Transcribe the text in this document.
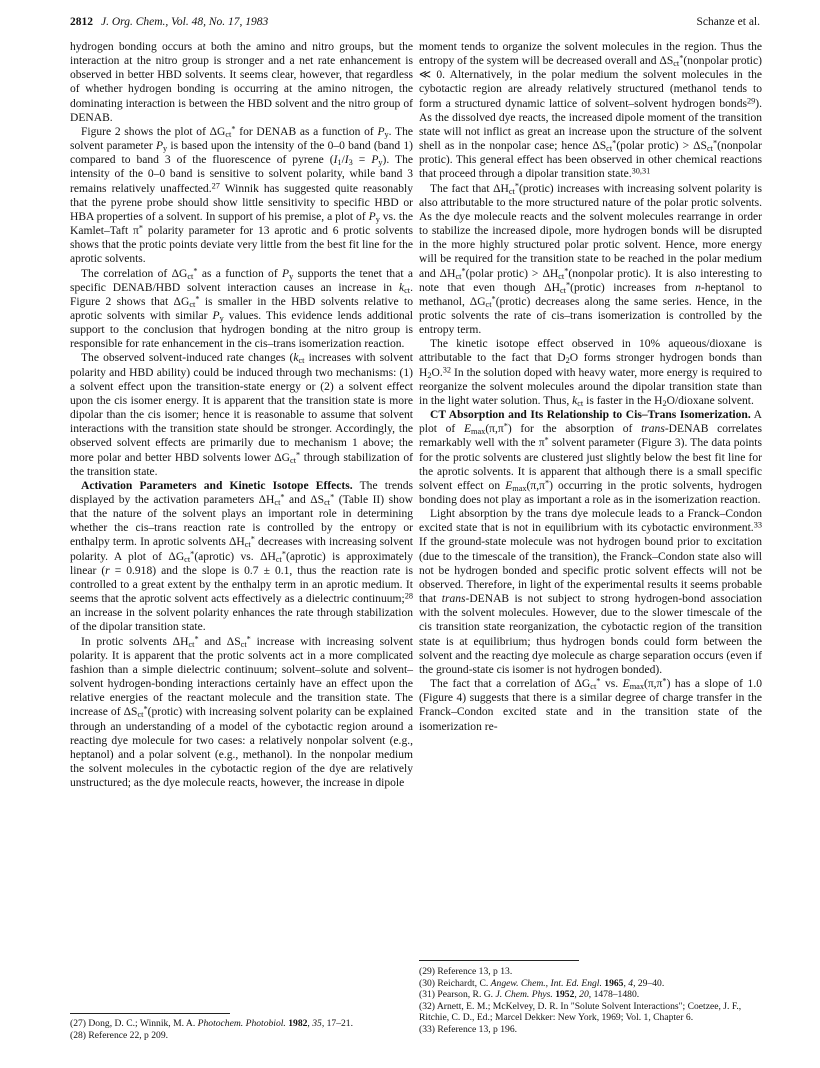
2812 J. Org. Chem., Vol. 48, No. 17, 1983	Schanze et al.

hydrogen bonding occurs at both the amino and nitro groups, but the interaction at the nitro group is stronger and a net rate enhancement is observed in better HBD solvents. It seems clear, however, that regardless of whether hydrogen bonding is occurring at the amino nitrogen, the dominating interaction is between the HBD solvent and the nitro group of DENAB.

Figure 2 shows the plot of $\Delta G_{ct}^*$ for DENAB as a function of $P_y$. The solvent parameter $P_y$ is based upon the intensity of the 0–0 band (band 1) compared to band 3 of the fluorescence of pyrene $(I_1/I_3 = P_y)$. The intensity of the 0–0 band is sensitive to solvent polarity, while band 3 remains relatively unaffected.$^{27}$ Winnik has suggested quite reasonably that the pyrene probe should show little sensitivity to specific HBD or HBA properties of a solvent. In support of his premise, a plot of $P_y$ vs. the Kamlet–Taft π* polarity parameter for 13 aprotic and 6 protic solvents shows that the protic points deviate very little from the best fit line for the aprotic solvents.

The correlation of $\Delta G_{ct}^*$ as a function of $P_y$ supports the tenet that a specific DENAB/HBD solvent interaction causes an increase in $k_{ct}$. Figure 2 shows that $\Delta G_{ct}^*$ is smaller in the HBD solvents relative to aprotic solvents with similar $P_y$ values. This evidence lends additional support to the conclusion that hydrogen bonding at the nitro group is responsible for rate enhancement in the cis–trans isomerization reaction.

The observed solvent-induced rate changes ($k_{ct}$ increases with solvent polarity and HBD ability) could be induced through two mechanisms: (1) a solvent effect upon the transition-state energy or (2) a solvent effect upon the cis isomer energy. It is apparent that the transition state is more dipolar than the cis isomer; hence it is reasonable to assume that solvent interactions with the transition state should be stronger. Accordingly, the observed solvent effects are primarily due to mechanism 1 above; the more polar and better HBD solvents lower $\Delta G_{ct}^*$ through stabilization of the transition state.

Activation Parameters and Kinetic Isotope Effects. The trends displayed by the activation parameters $\Delta H_{ct}^*$ and $\Delta S_{ct}^*$ (Table II) show that the nature of the solvent plays an important role in determining whether the cis–trans reaction rate is controlled by the entropy or enthalpy term. In aprotic solvents $\Delta H_{ct}^*$ decreases with increasing solvent polarity. A plot of $\Delta G_{ct}^*(aprotic)$ vs. $\Delta H_{ct}^*(aprotic)$ is approximately linear (r = 0.918) and the slope is 0.7 ± 0.1, thus the reaction rate is controlled to a great extent by the enthalpy term in an aprotic medium. It seems that the aprotic solvent acts effectively as a dielectric continuum;$^{28}$ an increase in the solvent polarity enhances the rate through stabilization of the dipolar transition state.

In protic solvents $\Delta H_{ct}^*$ and $\Delta S_{ct}^*$ increase with increasing solvent polarity. It is apparent that the protic solvents act in a more complicated fashion than a simple dielectric continuum; solvent–solute and solvent–solvent hydrogen-bonding interactions certainly have an effect upon the relative energies of the reactant molecule and the transition state. The increase of $\Delta S_{ct}^*(protic)$ with increasing solvent polarity can be explained through an understanding of a model of the cybotactic region around a reacting dye molecule for two cases: a relatively nonpolar solvent (e.g., heptanol) and a polar solvent (e.g., methanol). In the nonpolar medium the solvent molecules in the cybotactic region of the dye are relatively unstructured; as the dye molecule reacts, however, the increase in dipole

(27) Dong, D. C.; Winnik, M. A. Photochem. Photobiol. 1982, 35, 17–21.
(28) Reference 22, p 209.

moment tends to organize the solvent molecules in the region. Thus the entropy of the system will be decreased overall and $\Delta S_{ct}^*(nonpolar$ protic) ≪ 0. Alternatively, in the polar medium the solvent molecules in the cybotactic region are already relatively structured (methanol tends to form a structured dynamic lattice of solvent–solvent hydrogen bonds$^{29}$). As the dissolved dye reacts, the increased dipole moment of the transition state will not inflict as great an increase upon the structure of the solvent shell as in the nonpolar case; hence $\Delta S_{ct}^*(polar$ protic) > $\Delta S_{ct}^*(nonpolar$ protic). This general effect has been observed in other chemical reactions that proceed through a dipolar transition state.$^{30,31}$

The fact that $\Delta H_{ct}^*(protic)$ increases with increasing solvent polarity is also attributable to the more structured nature of the polar protic solvents. As the dye molecule reacts and the solvent molecules rearrange in order to stabilize the increased dipole, more hydrogen bonds will be disrupted in the more highly structured polar protic solvent. Hence, more energy will be required for the transition state to be reached in the polar medium and $\Delta H_{ct}^*(polar$ protic) > $\Delta H_{ct}^*(nonpolar$ protic). It is also interesting to note that even though $\Delta H_{ct}^*(protic)$ increases from n-heptanol to methanol, $\Delta G_{ct}^*(protic)$ decreases along the same series. Hence, in the protic solvents the rate of cis–trans isomerization is controlled by the entropy term.

The kinetic isotope effect observed in 10% aqueous/dioxane is attributable to the fact that $D_2O$ forms stronger hydrogen bonds than $H_2O.^{32}$ In the solution doped with heavy water, more energy is required to reorganize the solvent molecules around the dipolar transition state than in the light water solution. Thus, $k_{ct}$ is faster in the $H_2O$/dioxane solvent.

CT Absorption and Its Relationship to Cis–Trans Isomerization. A plot of $E_{max}(\pi,\pi^*)$ for the absorption of trans-DENAB correlates remarkably well with the π* solvent parameter (Figure 3). The data points for the protic solvents are clustered just slightly below the best fit line for the aprotic solvents. It is apparent that although there is a small specific solvent effect on $E_{max}(\pi,\pi^*)$ occurring in the protic solvents, hydrogen bonding does not play as important a role as in the isomerization reaction.

Light absorption by the trans dye molecule leads to a Franck–Condon excited state that is not in equilibrium with its cybotactic environment.$^{33}$ If the ground-state molecule was not hydrogen bound prior to excitation (due to the timescale of the transition), the Franck–Condon state also will not be hydrogen bonded and specific protic solvent effects will not be observed. Therefore, in light of the experimental results it seems probable that trans-DENAB is not subject to strong hydrogen-bond association with the solvent molecules. However, due to the slower timescale of the cis transition state reorganization, the cybotactic region of the transition state is at equilibrium; thus hydrogen bonds could form between the solvent and the reacting dye molecule as charge separation occurs (even if the ground-state cis isomer is not hydrogen bonded).

The fact that a correlation of $\Delta G_{ct}^*$ vs. $E_{max}(\pi,\pi^*)$ has a slope of 1.0 (Figure 4) suggests that there is a similar degree of charge transfer in the Franck–Condon excited state and in the transition state of the isomerization re-

(29) Reference 13, p 13.
(30) Reichardt, C. Angew. Chem., Int. Ed. Engl. 1965, 4, 29–40.
(31) Pearson, R. G. J. Chem. Phys. 1952, 20, 1478–1480.
(32) Arnett, E. M.; McKelvey, D. R. In "Solute Solvent Interactions"; Coetzee, J. F., Ritchie, C. D., Ed.; Marcel Dekker: New York, 1969; Vol. 1, Chapter 6.
(33) Reference 13, p 196.
